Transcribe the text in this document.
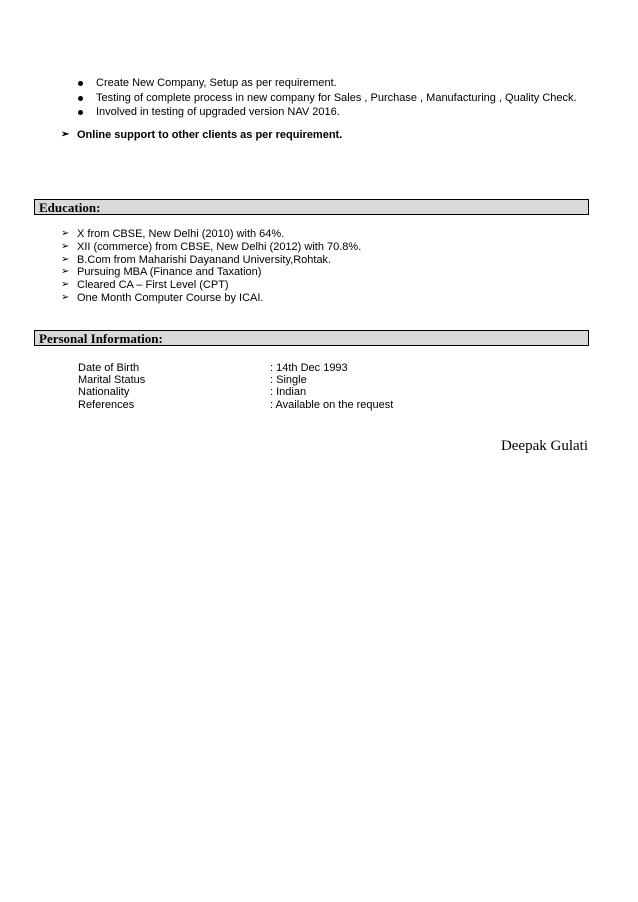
Create New Company, Setup as per requirement.
Testing of complete process in new company for Sales , Purchase , Manufacturing , Quality Check.
Involved in testing of upgraded version NAV 2016.
➢ Online support to other clients as per requirement.
Education:
➢ X from CBSE, New Delhi (2010) with 64%.
➢ XII (commerce) from CBSE, New Delhi (2012) with 70.8%.
➢ B.Com from Maharishi Dayanand University,Rohtak.
➢ Pursuing MBA (Finance and Taxation)
➢ Cleared CA – First Level (CPT)
➢ One Month Computer Course by ICAI.
Personal Information:
Date of Birth	: 14th Dec 1993
Marital Status	: Single
Nationality	: Indian
References	: Available on the request
Deepak Gulati
